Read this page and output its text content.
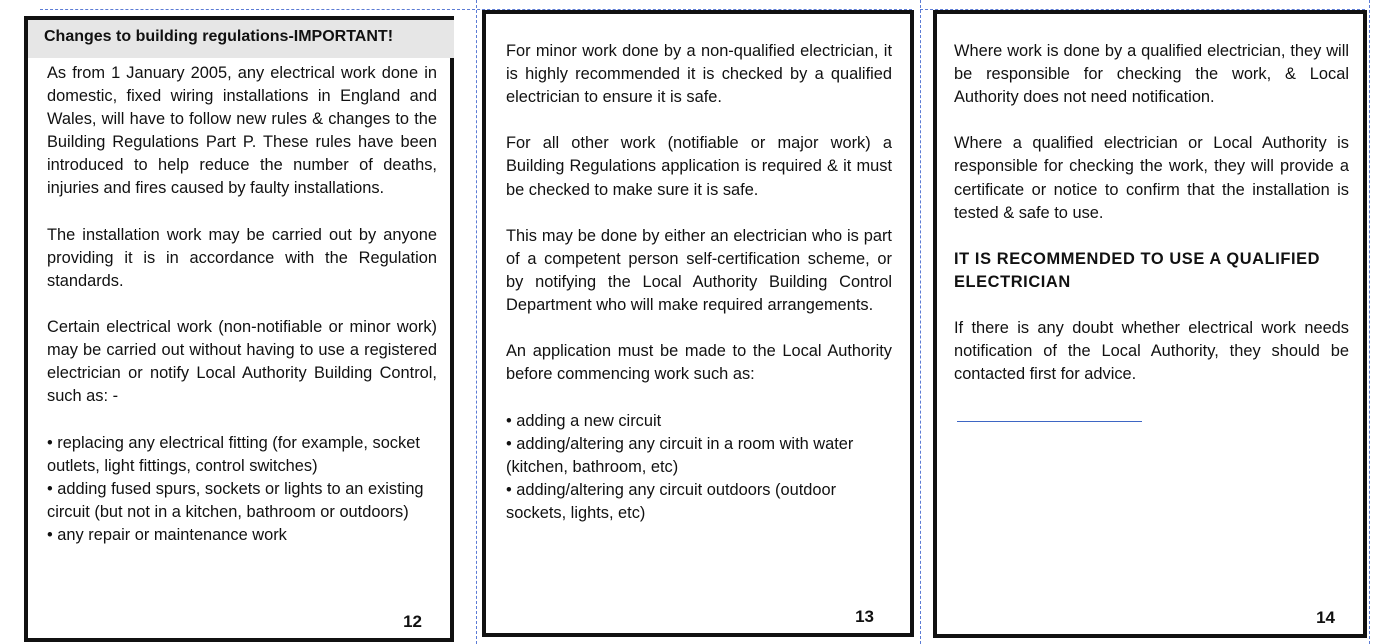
Changes to building regulations-IMPORTANT!

As from 1 January 2005, any electrical work done in domestic, fixed wiring installations in England and Wales, will have to follow new rules & changes to the Building Regulations Part P. These rules have been introduced to help reduce the number of deaths, injuries and fires caused by faulty installations.

The installation work may be carried out by anyone providing it is in accordance with the Regulation standards.

Certain electrical work (non-notifiable or minor work) may be carried out without having to use a registered electrician or notify Local Authority Building Control, such as: -

• replacing any electrical fitting (for example, socket outlets, light fittings, control switches)

• adding fused spurs, sockets or lights to an existing circuit (but not in a kitchen, bathroom or outdoors)

• any repair or maintenance work

12

For minor work done by a non-qualified electrician, it is highly recommended it is checked by a qualified electrician to ensure it is safe.

For all other work (notifiable or major work) a Building Regulations application is required & it must be checked to make sure it is safe.

This may be done by either an electrician who is part of a competent person self-certification scheme, or by notifying the Local Authority Building Control Department who will make required arrangements.

An application must be made to the Local Authority before commencing work such as:

• adding a new circuit

• adding/altering any circuit in a room with water (kitchen, bathroom, etc)

• adding/altering any circuit outdoors (outdoor sockets, lights, etc)

13

Where work is done by a qualified electrician, they will be responsible for checking the work, & Local Authority does not need notification.

Where a qualified electrician or Local Authority is responsible for checking the work, they will provide a certificate or notice to confirm that the installation is tested & safe to use.

IT IS RECOMMENDED TO USE A QUALIFIED ELECTRICIAN

If there is any doubt whether electrical work needs notification of the Local Authority, they should be contacted first for advice.

14
